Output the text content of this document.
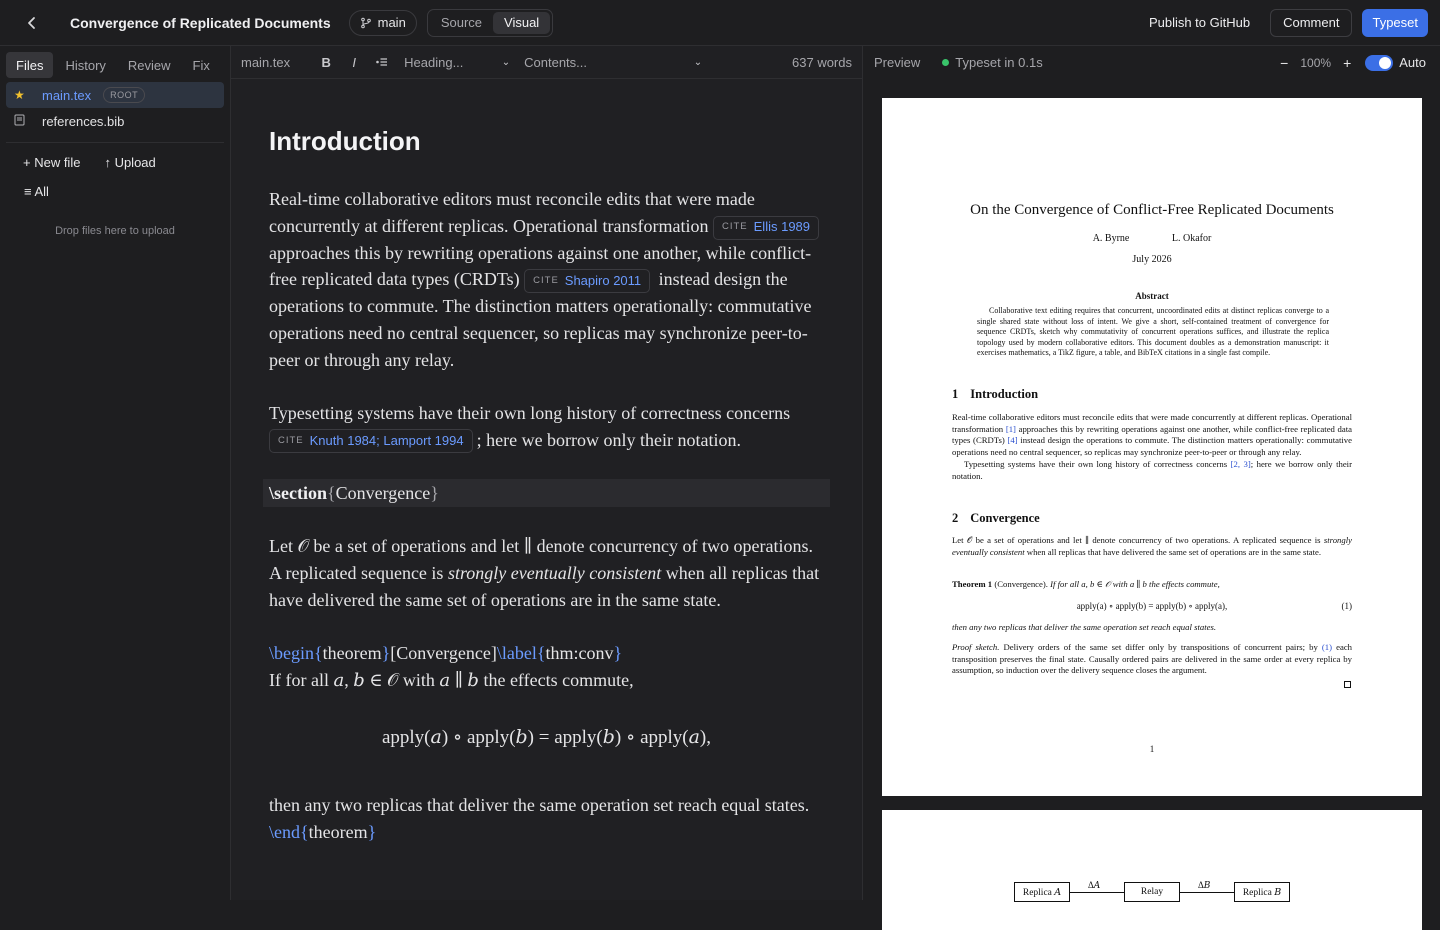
Convergence of Replicated Documents	main	Source	Visual	Publish to GitHub	Comment	Typeset
Files	History	Review	Fix
★	main.tex	ROOT
references.bib
+ New file ↑ Upload
≡ All
Drop files here to upload
main.tex	B	I	Heading...	⌄ Contents...	⌄	637 words
Introduction
Real-time collaborative editors must reconcile edits that were made concurrently at different replicas. Operational transformation CITE Ellis 1989
approaches this by rewriting operations against one another, while conflict-free replicated data types (CRDTs) CITE Shapiro 2011 instead design the operations to commute. The distinction matters operationally: commutative operations need no central sequencer, so replicas may synchronize peer-to-peer or through any relay.
Typesetting systems have their own long history of correctness concerns
CITE Knuth 1984; Lamport 1994 ; here we borrow only their notation.
\section{Convergence}
Let 𝒪 be a set of operations and let ∥ denote concurrency of two operations. A replicated sequence is strongly eventually consistent when all replicas that have delivered the same set of operations are in the same state.
\begin{theorem}[Convergence]\label{thm:conv}
If for all 𝑎, 𝑏 ∈ 𝒪 with 𝑎 ∥ 𝑏 the effects commute,
apply(𝑎) ∘ apply(𝑏) = apply(𝑏) ∘ apply(𝑎),
then any two replicas that deliver the same operation set reach equal states.
\end{theorem}
Preview	Typeset in 0.1s	− 100% +	Auto
On the Convergence of Conflict-Free Replicated Documents
A. Byrne	L. Okafor
July 2026
Abstract
Collaborative text editing requires that concurrent, uncoordinated edits at distinct replicas converge to a single shared state without loss of intent. We give a short, self-contained treatment of convergence for sequence CRDTs, sketch why commutativity of concurrent operations suffices, and illustrate the replica topology used by modern collaborative editors. This document doubles as a demonstration manuscript: it exercises mathematics, a TikZ figure, a table, and BibTeX citations in a single fast compile.
1 Introduction
Real-time collaborative editors must reconcile edits that were made concurrently at different replicas. Operational transformation [1] approaches this by rewriting operations against one another, while conflict-free replicated data types (CRDTs) [4] instead design the operations to commute. The distinction matters operationally: commutative operations need no central sequencer, so replicas may synchronize peer-to-peer or through any relay.
Typesetting systems have their own long history of correctness concerns [2, 3]; here we borrow only their notation.
2 Convergence
Let 𝒪 be a set of operations and let ∥ denote concurrency of two operations. A replicated sequence is strongly eventually consistent when all replicas that have delivered the same set of operations are in the same state.
Theorem 1 (Convergence). If for all a, b ∈ 𝒪 with a ∥ b the effects commute,
apply(a) ∘ apply(b) = apply(b) ∘ apply(a),	(1)
then any two replicas that deliver the same operation set reach equal states.
Proof sketch. Delivery orders of the same set differ only by transpositions of concurrent pairs; by (1) each transposition preserves the final state. Causally ordered pairs are delivered in the same order at every replica by assumption, so induction over the delivery sequence closes the argument.
1
Replica 𝐴
Δ𝐴
Relay
Δ𝐵
Replica 𝐵
